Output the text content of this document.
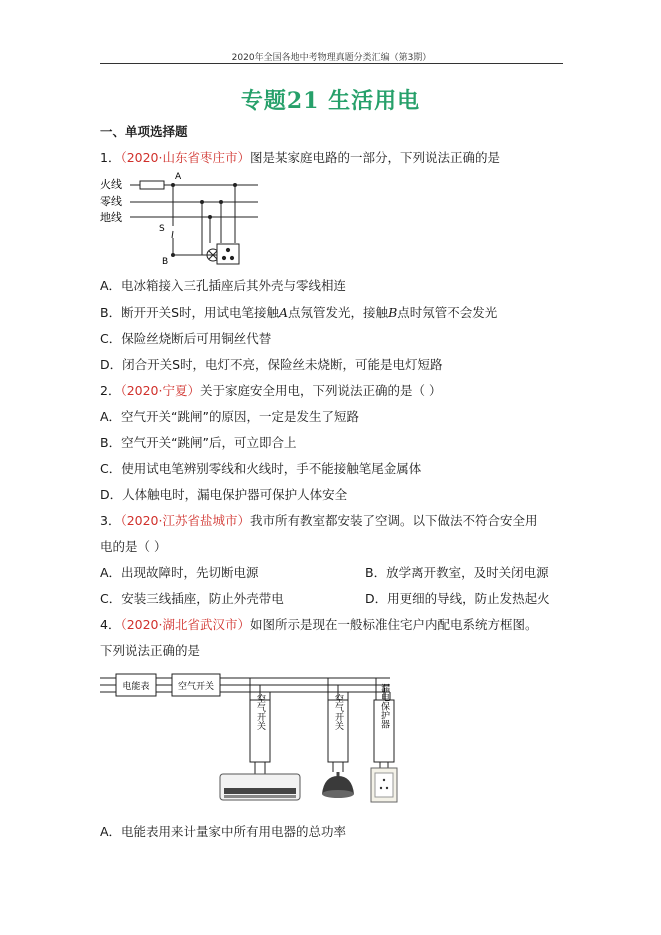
2020年全国各地中考物理真题分类汇编（第3期）
专题21 生活用电
一、单项选择题
1．（2020·山东省枣庄市）图是某家庭电路的一部分，下列说法正确的是
火线
零线
地线
A
B
S
A．电冰箱接入三孔插座后其外壳与零线相连
B．断开开关S时，用试电笔接触A点氖管发光，接触B点时氖管不会发光
C．保险丝烧断后可用铜丝代替
D．闭合开关S时，电灯不亮，保险丝未烧断，可能是电灯短路
2．（2020·宁夏）关于家庭安全用电，下列说法正确的是（ ）
A．空气开关“跳闸”的原因，一定是发生了短路
B．空气开关“跳闸”后，可立即合上
C．使用试电笔辨别零线和火线时，手不能接触笔尾金属体
D．人体触电时，漏电保护器可保护人体安全
3．（2020·江苏省盐城市）我市所有教室都安装了空调。以下做法不符合安全用
电的是（ ）
A．出现故障时，先切断电源	B．放学离开教室，及时关闭电源
C．安装三线插座，防止外壳带电	D．用更细的导线，防止发热起火
4．（2020·湖北省武汉市）如图所示是现在一般标准住宅户内配电系统方框图。
下列说法正确的是
电能表	空气开关
空气开关	空气开关	漏电保护器
A．电能表用来计量家中所有用电器的总功率
